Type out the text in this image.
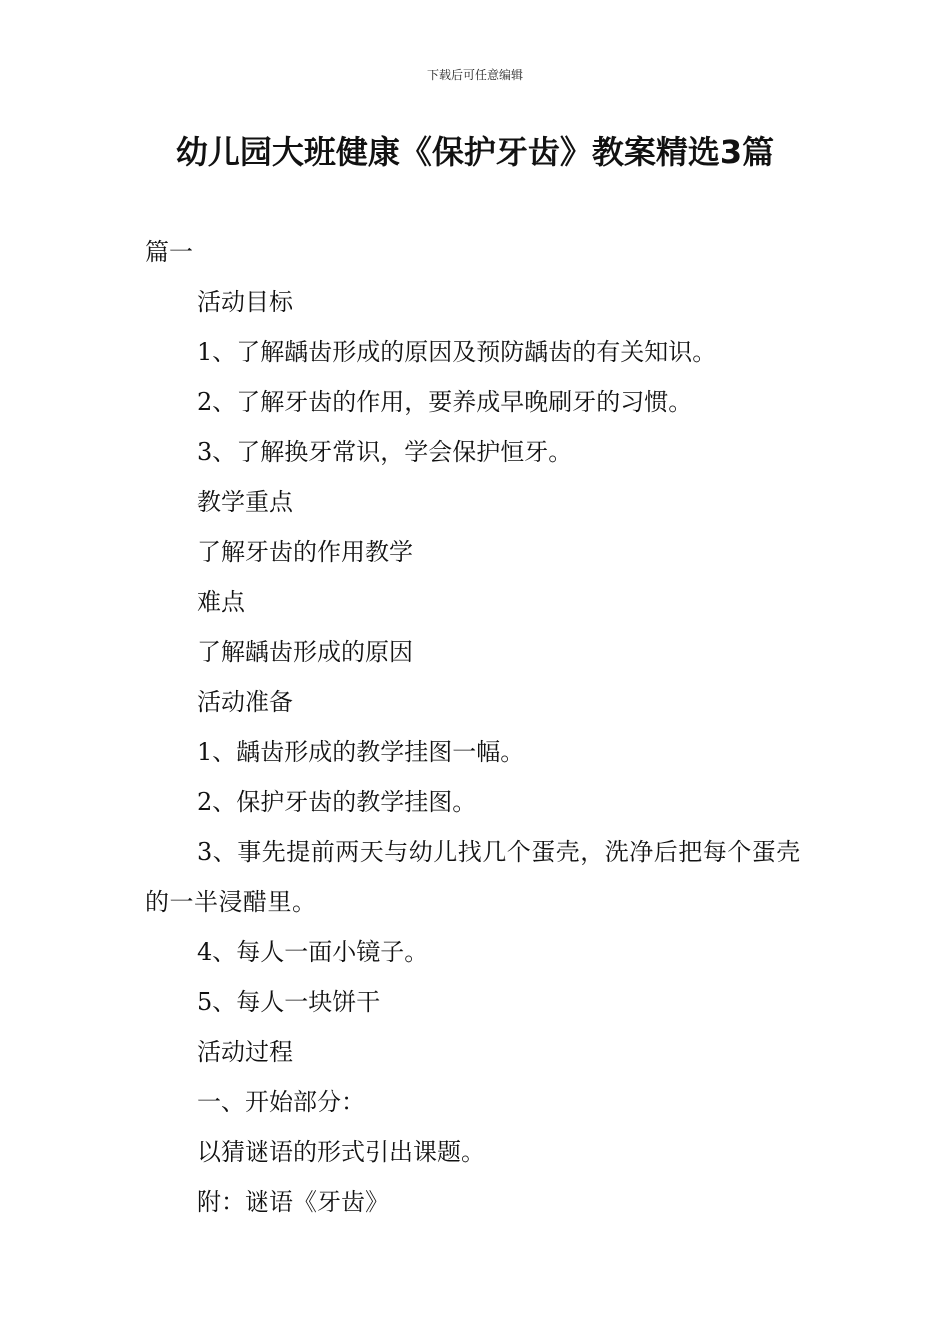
下载后可任意编辑
幼儿园大班健康《保护牙齿》教案精选3篇
篇一
活动目标
1、了解龋齿形成的原因及预防龋齿的有关知识。
2、了解牙齿的作用，要养成早晚刷牙的习惯。
3、了解换牙常识，学会保护恒牙。
教学重点
了解牙齿的作用教学
难点
了解龋齿形成的原因
活动准备
1、龋齿形成的教学挂图一幅。
2、保护牙齿的教学挂图。
3、事先提前两天与幼儿找几个蛋壳，洗净后把每个蛋壳的一半浸醋里。
4、每人一面小镜子。
5、每人一块饼干
活动过程
一、开始部分：
以猜谜语的形式引出课题。
附：谜语《牙齿》
